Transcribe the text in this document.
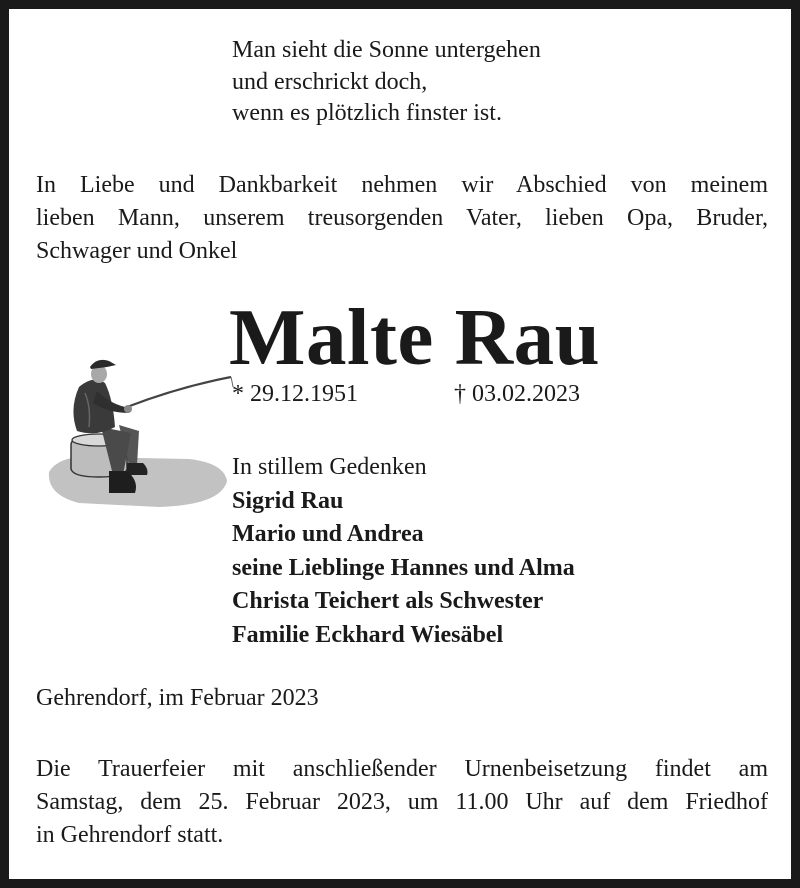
Man sieht die Sonne untergehen
und erschrickt doch,
wenn es plötzlich finster ist.
In Liebe und Dankbarkeit nehmen wir Abschied von meinem
lieben Mann, unserem treusorgenden Vater, lieben Opa, Bruder,
Schwager und Onkel
Malte Rau
* 29.12.1951	† 03.02.2023
In stillem Gedenken
Sigrid Rau
Mario und Andrea
seine Lieblinge Hannes und Alma
Christa Teichert als Schwester
Familie Eckhard Wiesäbel
Gehrendorf, im Februar 2023
Die Trauerfeier mit anschließender Urnenbeisetzung findet am
Samstag, dem 25. Februar 2023, um 11.00 Uhr auf dem Friedhof
in Gehrendorf statt.
